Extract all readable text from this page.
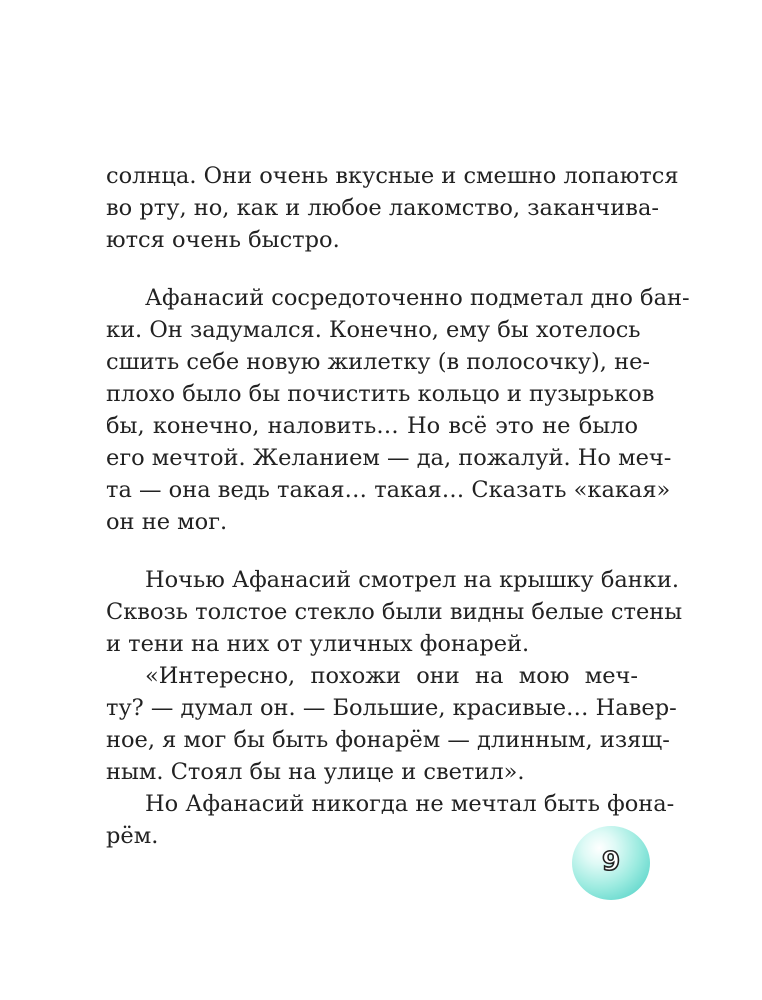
солнца. Они очень вкусные и смешно лопаются
во рту, но, как и любое лакомство, заканчива-
ются очень быстро.
Афанасий сосредоточенно подметал дно бан-
ки. Он задумался. Конечно, ему бы хотелось
сшить себе новую жилетку (в полосочку), не-
плохо было бы почистить кольцо и пузырьков
бы, конечно, наловить… Но всё это не было
его мечтой. Желанием — да, пожалуй. Но меч-
та — она ведь такая… такая… Сказать «какая»
он не мог.
Ночью Афанасий смотрел на крышку банки.
Сквозь толстое стекло были видны белые стены
и тени на них от уличных фонарей.
«Интересно, похожи они на мою меч-
ту? — думал он. — Большие, красивые… Навер-
ное, я мог бы быть фонарём — длинным, изящ-
ным. Стоял бы на улице и светил».
Но Афанасий никогда не мечтал быть фона-
рём.
9
